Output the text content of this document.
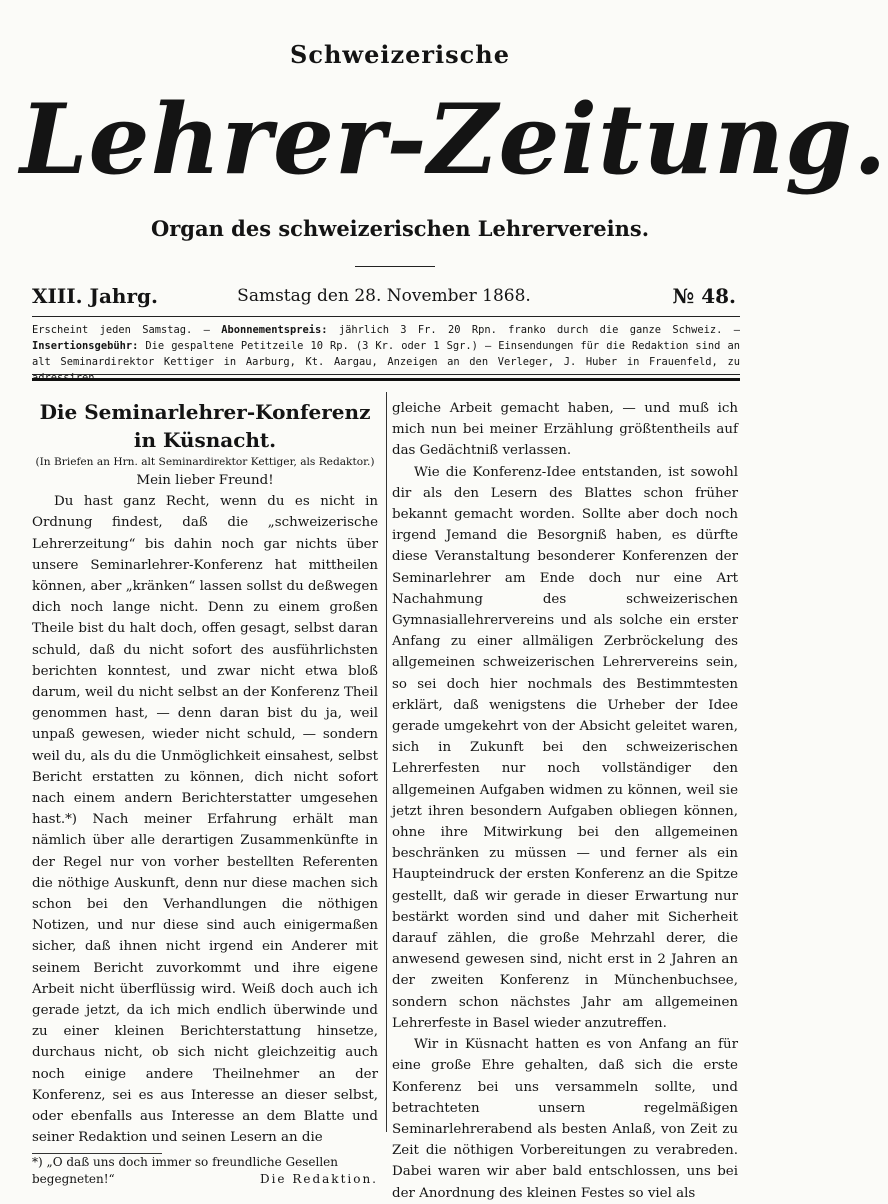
Schweizerische
Lehrer-Zeitung.
Organ des schweizerischen Lehrervereins.
Samstag den 28. November 1868.
XIII. Jahrg.	№ 48.
Erscheint jeden Samstag. — Abonnementspreis: jährlich 3 Fr. 20 Rpn. franko durch die ganze Schweiz. — Insertionsgebühr: Die gespaltene Petitzeile 10 Rp. (3 Kr. oder 1 Sgr.) — Einsendungen für die Redaktion sind an alt Seminardirektor Kettiger in Aarburg, Kt. Aargau, Anzeigen an den Verleger, J. Huber in Frauenfeld, zu adressiren.

Die Seminarlehrer-Konferenz in Küsnacht.

(In Briefen an Hrn. alt Seminardirektor Kettiger, als Redaktor.)

Mein lieber Freund!

Du hast ganz Recht, wenn du es nicht in Ordnung findest, daß die „schweizerische Lehrerzeitung“ bis dahin noch gar nichts über unsere Seminarlehrer-Konferenz hat mittheilen können, aber „kränken“ lassen sollst du deßwegen dich noch lange nicht. Denn zu einem großen Theile bist du halt doch, offen gesagt, selbst daran schuld, daß du nicht sofort des ausführlichsten berichten konntest, und zwar nicht etwa bloß darum, weil du nicht selbst an der Konferenz Theil genommen hast, — denn daran bist du ja, weil unpaß gewesen, wieder nicht schuld, — sondern weil du, als du die Unmöglichkeit einsahest, selbst Bericht erstatten zu können, dich nicht sofort nach einem andern Berichterstatter umgesehen hast.*) Nach meiner Erfahrung erhält man nämlich über alle derartigen Zusammenkünfte in der Regel nur von vorher bestellten Referenten die nöthige Auskunft, denn nur diese machen sich schon bei den Verhandlungen die nöthigen Notizen, und nur diese sind auch einigermaßen sicher, daß ihnen nicht irgend ein Anderer mit seinem Bericht zuvorkommt und ihre eigene Arbeit nicht überflüssig wird. Weiß doch auch ich gerade jetzt, da ich mich endlich überwinde und zu einer kleinen Berichterstattung hinsetze, durchaus nicht, ob sich nicht gleichzeitig auch noch einige andere Theilnehmer an der Konferenz, sei es aus Interesse an dieser selbst, oder ebenfalls aus Interesse an dem Blatte und seiner Redaktion und seinen Lesern an die

*) „O daß uns doch immer so freundliche Gesellen begegneten!“	Die Redaktion.

gleiche Arbeit gemacht haben, — und muß ich mich nun bei meiner Erzählung größtentheils auf das Gedächtniß verlassen.

Wie die Konferenz-Idee entstanden, ist sowohl dir als den Lesern des Blattes schon früher bekannt gemacht worden. Sollte aber doch noch irgend Jemand die Besorgniß haben, es dürfte diese Veranstaltung besonderer Konferenzen der Seminarlehrer am Ende doch nur eine Art Nachahmung des schweizerischen Gymnasiallehrervereins und als solche ein erster Anfang zu einer allmäligen Zerbröckelung des allgemeinen schweizerischen Lehrervereins sein, so sei doch hier nochmals des Bestimmtesten erklärt, daß wenigstens die Urheber der Idee gerade umgekehrt von der Absicht geleitet waren, sich in Zukunft bei den schweizerischen Lehrerfesten nur noch vollständiger den allgemeinen Aufgaben widmen zu können, weil sie jetzt ihren besondern Aufgaben obliegen können, ohne ihre Mitwirkung bei den allgemeinen beschränken zu müssen — und ferner als ein Haupteindruck der ersten Konferenz an die Spitze gestellt, daß wir gerade in dieser Erwartung nur bestärkt worden sind und daher mit Sicherheit darauf zählen, die große Mehrzahl derer, die anwesend gewesen sind, nicht erst in 2 Jahren an der zweiten Konferenz in Münchenbuchsee, sondern schon nächstes Jahr am allgemeinen Lehrerfeste in Basel wieder anzutreffen.

Wir in Küsnacht hatten es von Anfang an für eine große Ehre gehalten, daß sich die erste Konferenz bei uns versammeln sollte, und betrachteten unsern regelmäßigen Seminarlehrerabend als besten Anlaß, von Zeit zu Zeit die nöthigen Vorbereitungen zu verabreden. Dabei waren wir aber bald entschlossen, uns bei der Anordnung des kleinen Festes so viel als
